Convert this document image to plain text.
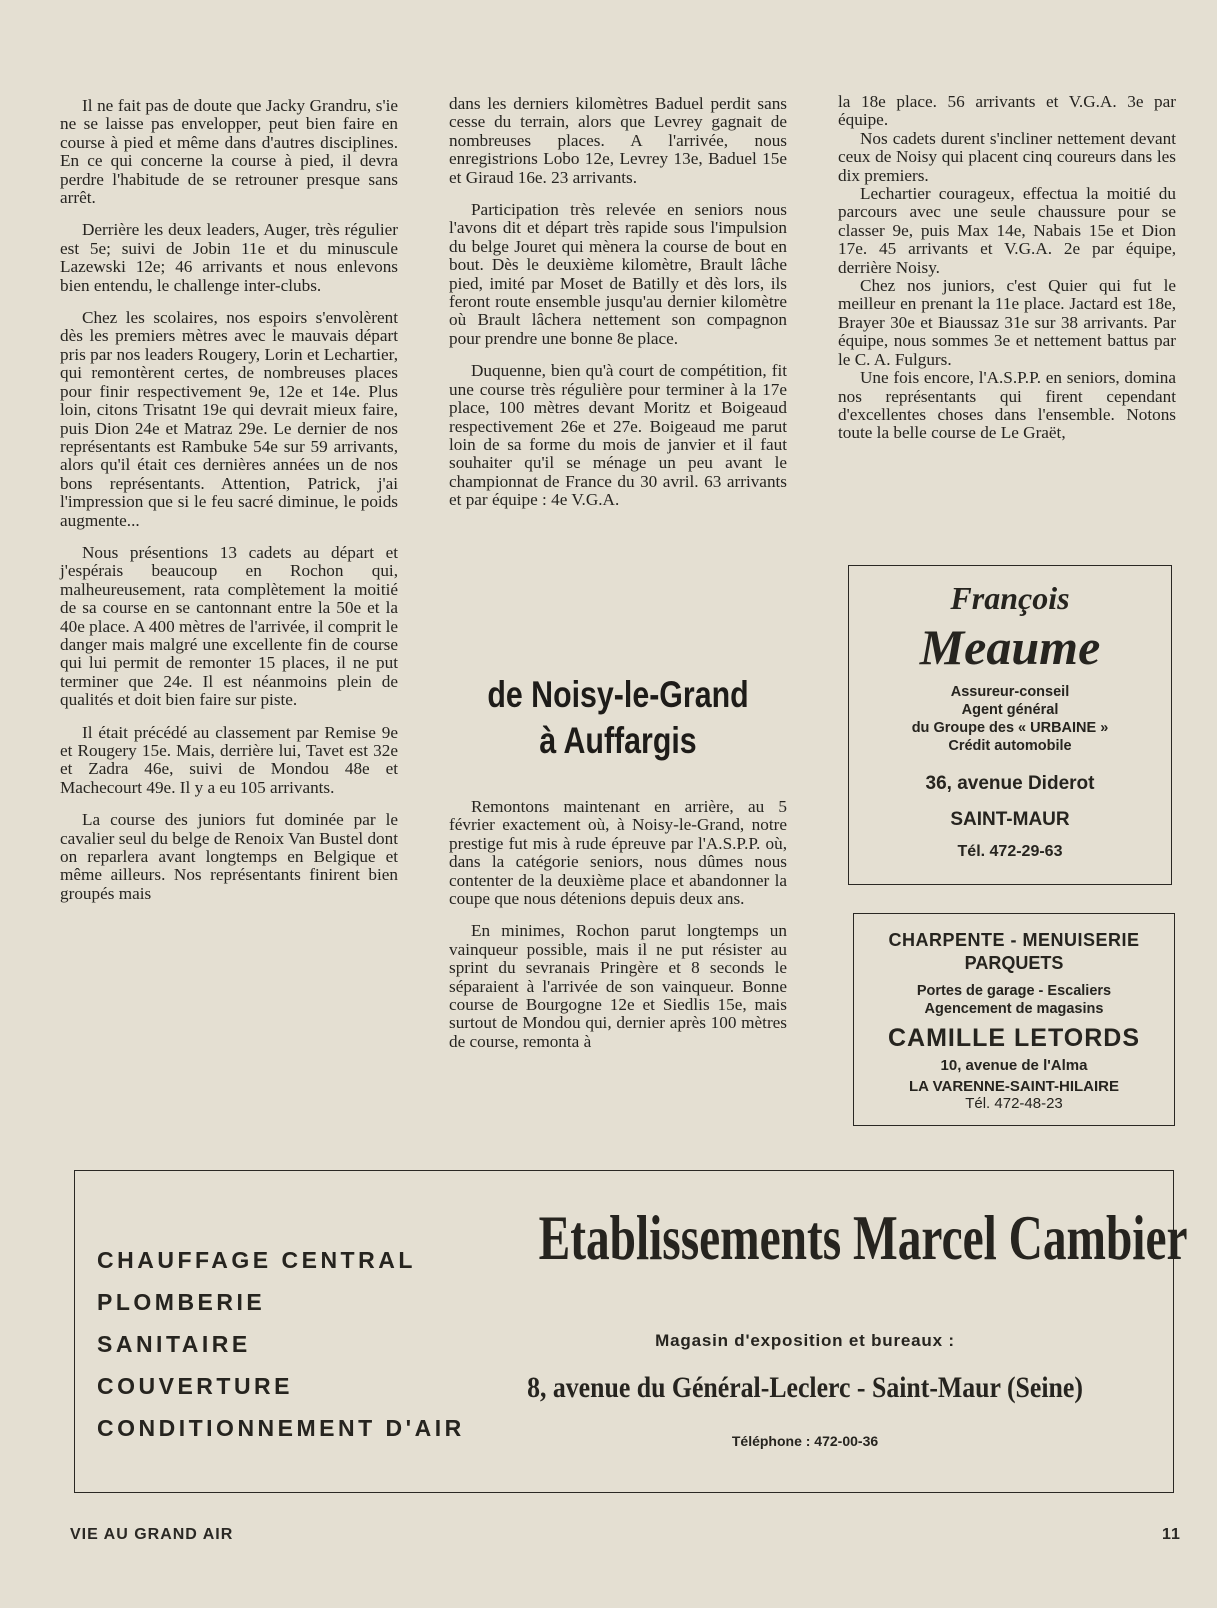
Il ne fait pas de doute que Jacky Grandru, s'ie ne se laisse pas envelopper, peut bien faire en course à pied et même dans d'autres disciplines. En ce qui concerne la course à pied, il devra perdre l'habitude de se retrouner presque sans arrêt.

Derrière les deux leaders, Auger, très régulier est 5e; suivi de Jobin 11e et du minuscule Lazewski 12e; 46 arrivants et nous enlevons bien entendu, le challenge inter-clubs.

Chez les scolaires, nos espoirs s'envolèrent dès les premiers mètres avec le mauvais départ pris par nos leaders Rougery, Lorin et Lechartier, qui remontèrent certes, de nombreuses places pour finir respectivement 9e, 12e et 14e. Plus loin, citons Trisatnt 19e qui devrait mieux faire, puis Dion 24e et Matraz 29e. Le dernier de nos représentants est Rambuke 54e sur 59 arrivants, alors qu'il était ces dernières années un de nos bons représentants. Attention, Patrick, j'ai l'impression que si le feu sacré diminue, le poids augmente...

Nous présentions 13 cadets au départ et j'espérais beaucoup en Rochon qui, malheureusement, rata complètement la moitié de sa course en se cantonnant entre la 50e et la 40e place. A 400 mètres de l'arrivée, il comprit le danger mais malgré une excellente fin de course qui lui permit de remonter 15 places, il ne put terminer que 24e. Il est néanmoins plein de qualités et doit bien faire sur piste.

Il était précédé au classement par Remise 9e et Rougery 15e. Mais, derrière lui, Tavet est 32e et Zadra 46e, suivi de Mondou 48e et Machecourt 49e. Il y a eu 105 arrivants.

La course des juniors fut dominée par le cavalier seul du belge de Renoix Van Bustel dont on reparlera avant longtemps en Belgique et même ailleurs. Nos représentants finirent bien groupés mais

dans les derniers kilomètres Baduel perdit sans cesse du terrain, alors que Levrey gagnait de nombreuses places. A l'arrivée, nous enregistrions Lobo 12e, Levrey 13e, Baduel 15e et Giraud 16e. 23 arrivants.

Participation très relevée en seniors nous l'avons dit et départ très rapide sous l'impulsion du belge Jouret qui mènera la course de bout en bout. Dès le deuxième kilomètre, Brault lâche pied, imité par Moset de Batilly et dès lors, ils feront route ensemble jusqu'au dernier kilomètre où Brault lâchera nettement son compagnon pour prendre une bonne 8e place.

Duquenne, bien qu'à court de compétition, fit une course très régulière pour terminer à la 17e place, 100 mètres devant Moritz et Boigeaud respectivement 26e et 27e. Boigeaud me parut loin de sa forme du mois de janvier et il faut souhaiter qu'il se ménage un peu avant le championnat de France du 30 avril. 63 arrivants et par équipe : 4e V.G.A.

de Noisy-le-Grand
à Auffargis

Remontons maintenant en arrière, au 5 février exactement où, à Noisy-le-Grand, notre prestige fut mis à rude épreuve par l'A.S.P.P. où, dans la catégorie seniors, nous dûmes nous contenter de la deuxième place et abandonner la coupe que nous détenions depuis deux ans.

En minimes, Rochon parut longtemps un vainqueur possible, mais il ne put résister au sprint du sevranais Pringère et 8 seconds le séparaient à l'arrivée de son vainqueur. Bonne course de Bourgogne 12e et Siedlis 15e, mais surtout de Mondou qui, dernier après 100 mètres de course, remonta à

la 18e place. 56 arrivants et V.G.A. 3e par équipe.

Nos cadets durent s'incliner nettement devant ceux de Noisy qui placent cinq coureurs dans les dix premiers.

Lechartier courageux, effectua la moitié du parcours avec une seule chaussure pour se classer 9e, puis Max 14e, Nabais 15e et Dion 17e. 45 arrivants et V.G.A. 2e par équipe, derrière Noisy.

Chez nos juniors, c'est Quier qui fut le meilleur en prenant la 11e place. Jactard est 18e, Brayer 30e et Biaussaz 31e sur 38 arrivants. Par équipe, nous sommes 3e et nettement battus par le C. A. Fulgurs.

Une fois encore, l'A.S.P.P. en seniors, domina nos représentants qui firent cependant d'excellentes choses dans l'ensemble. Notons toute la belle course de Le Graët,

François
Meaume
Assureur-conseil
Agent général
du Groupe des « URBAINE »
Crédit automobile
36, avenue Diderot
SAINT-MAUR
Tél. 472-29-63
CHARPENTE - MENUISERIE
PARQUETS
Portes de garage - Escaliers
Agencement de magasins
CAMILLE LETORDS
10, avenue de l'Alma
LA VARENNE-SAINT-HILAIRE
Tél. 472-48-23
CHAUFFAGE CENTRAL
PLOMBERIE
SANITAIRE
COUVERTURE
CONDITIONNEMENT D'AIR
Etablissements Marcel Cambier
Magasin d'exposition et bureaux :
8, avenue du Général-Leclerc - Saint-Maur (Seine)
Téléphone : 472-00-36
VIE AU GRAND AIR	11
